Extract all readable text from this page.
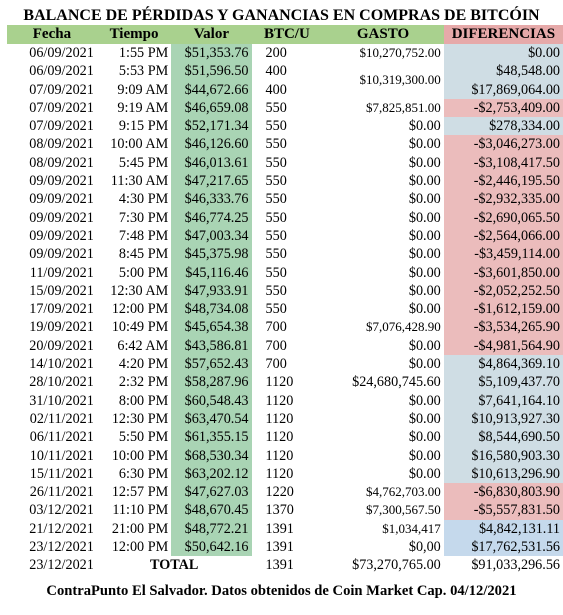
BALANCE DE PÉRDIDAS Y GANANCIAS EN COMPRAS DE BITCÓIN
Fecha	Tiempo	Valor	BTC/U	GASTO	DIFERENCIAS
06/09/2021	1:55 PM	$51,353.76	200	$10,270,752.00	$0.00
06/09/2021	5:53 PM	$51,596.50	400	$10,319,300.00	$48,548.00
07/09/2021	9:09 AM	$44,672.66	400		$17,869,064.00
07/09/2021	9:19 AM	$46,659.08	550	$7,825,851.00	-$2,753,409.00
07/09/2021	9:15 PM	$52,171.34	550	$0.00	$278,334.00
08/09/2021	10:00 AM	$46,126.60	550	$0.00	-$3,046,273.00
08/09/2021	5:45 PM	$46,013.61	550	$0.00	-$3,108,417.50
09/09/2021	11:30 AM	$47,217.65	550	$0.00	-$2,446,195.50
09/09/2021	4:30 PM	$46,333.76	550	$0.00	-$2,932,335.00
09/09/2021	7:30 PM	$46,774.25	550	$0.00	-$2,690,065.50
09/09/2021	7:48 PM	$47,003.34	550	$0.00	-$2,564,066.00
09/09/2021	8:45 PM	$45,375.98	550	$0.00	-$3,459,114.00
11/09/2021	5:00 PM	$45,116.46	550	$0.00	-$3,601,850.00
15/09/2021	12:30 AM	$47,933.91	550	$0.00	-$2,052,252.50
17/09/2021	12:00 PM	$48,734.08	550	$0.00	-$1,612,159.00
19/09/2021	10:49 PM	$45,654.38	700	$7,076,428.90	-$3,534,265.90
20/09/2021	6:42 AM	$43,586.81	700	$0.00	-$4,981,564.90
14/10/2021	4:20 PM	$57,652.43	700	$0.00	$4,864,369.10
28/10/2021	2:32 PM	$58,287.96	1120	$24,680,745.60	$5,109,437.70
31/10/2021	8:00 PM	$60,548.43	1120	$0.00	$7,641,164.10
02/11/2021	12:30 PM	$63,470.54	1120	$0.00	$10,913,927.30
06/11/2021	5:50 PM	$61,355.15	1120	$0.00	$8,544,690.50
10/11/2021	10:00 PM	$68,530.34	1120	$0.00	$16,580,903.30
15/11/2021	6:30 PM	$63,202.12	1120	$0.00	$10,613,296.90
26/11/2021	12:57 PM	$47,627.03	1220	$4,762,703.00	-$6,830,803.90
03/12/2021	11:10 PM	$48,670.45	1370	$7,300,567.50	-$5,557,831.50
21/12/2021	21:00 PM	$48,772.21	1391	$1,034,417	$4,842,131.11
23/12/2021	12:00 PM	$50,642.16	1391	$0,00	$17,762,531.56
23/12/2021	TOTAL		1391	$73,270,765.00	$91,033,296.56
ContraPunto El Salvador. Datos obtenidos de Coin Market Cap. 04/12/2021
